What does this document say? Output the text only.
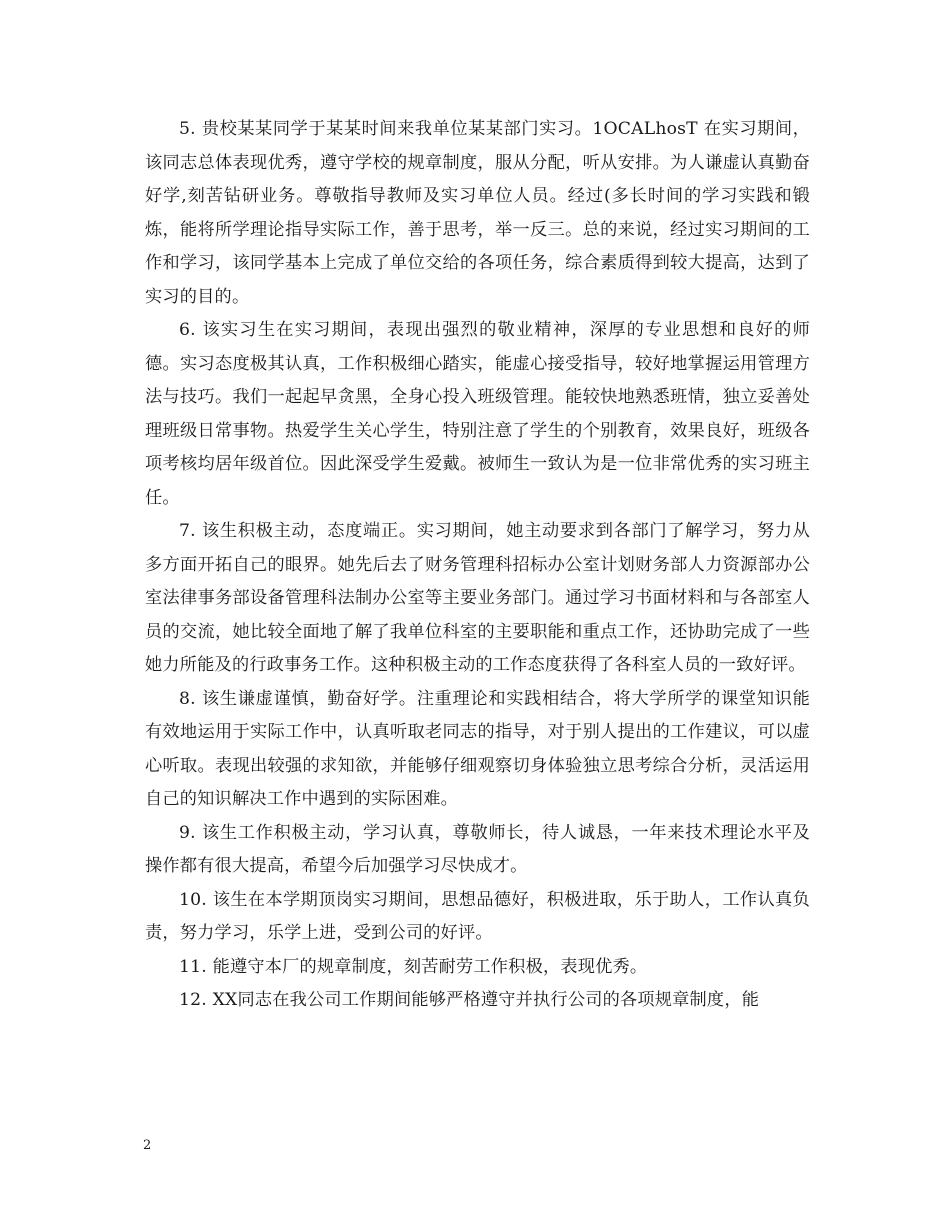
5. 贵校某某同学于某某时间来我单位某某部门实习。1OCALhosT 在实习期间，该同志总体表现优秀，遵守学校的规章制度，服从分配，听从安排。为人谦虚认真勤奋好学,刻苦钻研业务。尊敬指导教师及实习单位人员。经过(多长时间的学习实践和锻炼，能将所学理论指导实际工作，善于思考，举一反三。总的来说，经过实习期间的工作和学习，该同学基本上完成了单位交给的各项任务，综合素质得到较大提高，达到了实习的目的。

6. 该实习生在实习期间，表现出强烈的敬业精神，深厚的专业思想和良好的师德。实习态度极其认真，工作积极细心踏实，能虚心接受指导，较好地掌握运用管理方法与技巧。我们一起起早贪黑，全身心投入班级管理。能较快地熟悉班情，独立妥善处理班级日常事物。热爱学生关心学生，特别注意了学生的个别教育，效果良好，班级各项考核均居年级首位。因此深受学生爱戴。被师生一致认为是一位非常优秀的实习班主任。

7. 该生积极主动，态度端正。实习期间，她主动要求到各部门了解学习，努力从多方面开拓自己的眼界。她先后去了财务管理科招标办公室计划财务部人力资源部办公室法律事务部设备管理科法制办公室等主要业务部门。通过学习书面材料和与各部室人员的交流，她比较全面地了解了我单位科室的主要职能和重点工作，还协助完成了一些她力所能及的行政事务工作。这种积极主动的工作态度获得了各科室人员的一致好评。

8. 该生谦虚谨慎，勤奋好学。注重理论和实践相结合，将大学所学的课堂知识能有效地运用于实际工作中，认真听取老同志的指导，对于别人提出的工作建议，可以虚心听取。表现出较强的求知欲，并能够仔细观察切身体验独立思考综合分析，灵活运用自己的知识解决工作中遇到的实际困难。

9. 该生工作积极主动，学习认真，尊敬师长，待人诚恳，一年来技术理论水平及操作都有很大提高，希望今后加强学习尽快成才。

10. 该生在本学期顶岗实习期间，思想品德好，积极进取，乐于助人，工作认真负责，努力学习，乐学上进，受到公司的好评。

11. 能遵守本厂的规章制度，刻苦耐劳工作积极，表现优秀。

12. XX同志在我公司工作期间能够严格遵守并执行公司的各项规章制度，能

2
